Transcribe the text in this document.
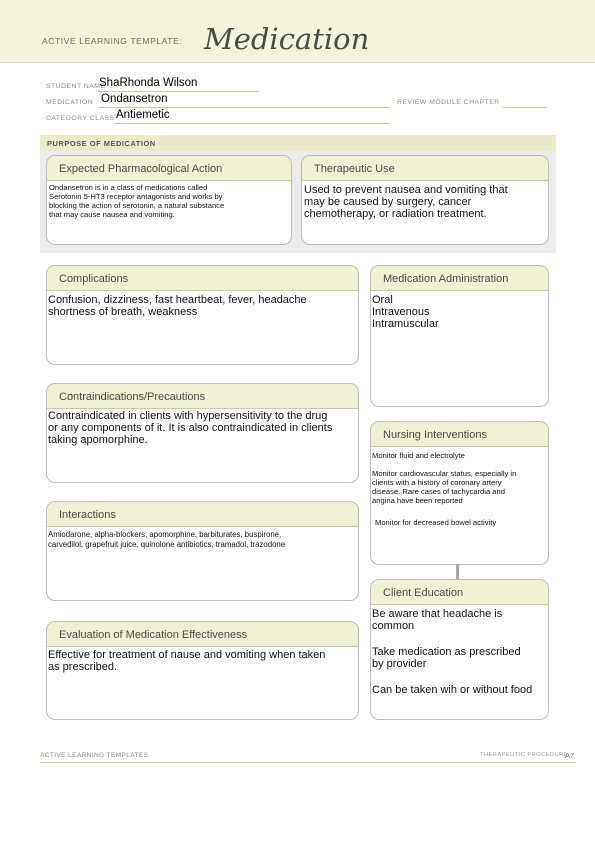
ACTIVE LEARNING TEMPLATE: Medication
STUDENT NAME
ShaRhonda Wilson
MEDICATION Ondansetron	REVIEW MODULE CHAPTER
CATEGORY CLASS Antiemetic
PURPOSE OF MEDICATION
Expected Pharmacological Action
Ondansetron is in a class of medications called
Serotonin 5-HT3 receptor antagonists and works by
blocking the action of serotonin, a natural substance
that may cause nausea and vomiting.
Therapeutic Use
Used to prevent nausea and vomiting that
may be caused by surgery, cancer
chemotherapy, or radiation treatment.
Complications
Confusion, dizziness, fast heartbeat, fever, headache
shortness of breath, weakness
Medication Administration
Oral
Intravenous
Intramuscular
Contraindications/Precautions
Contraindicated in clients with hypersensitivity to the drug
or any components of it. It is also contraindicated in clients
taking apomorphine.	Nursing Interventions
Monitor fluid and electrolyte
Monitor cardiovascular status, especially in
clients with a history of coronary artery
disease. Rare cases of tachycardia and
angina have been reported
Monitor for decreased bowel activity
Interactions
Amiodarone, alpha-blockers, apomorphine, barbiturates, buspirone,
carvedilol, grapefruit juice, quinolone antibiotics, tramadol, trazodone
Client Education
Be aware that headache is
common
Take medication as prescribed
by provider
Can be taken wih or without food
Evaluation of Medication Effectiveness
Effective for treatment of nause and vomiting when taken
as prescribed.
ACTIVE LEARNING TEMPLATES	THERAPEUTIC PROCEDURE
A7
